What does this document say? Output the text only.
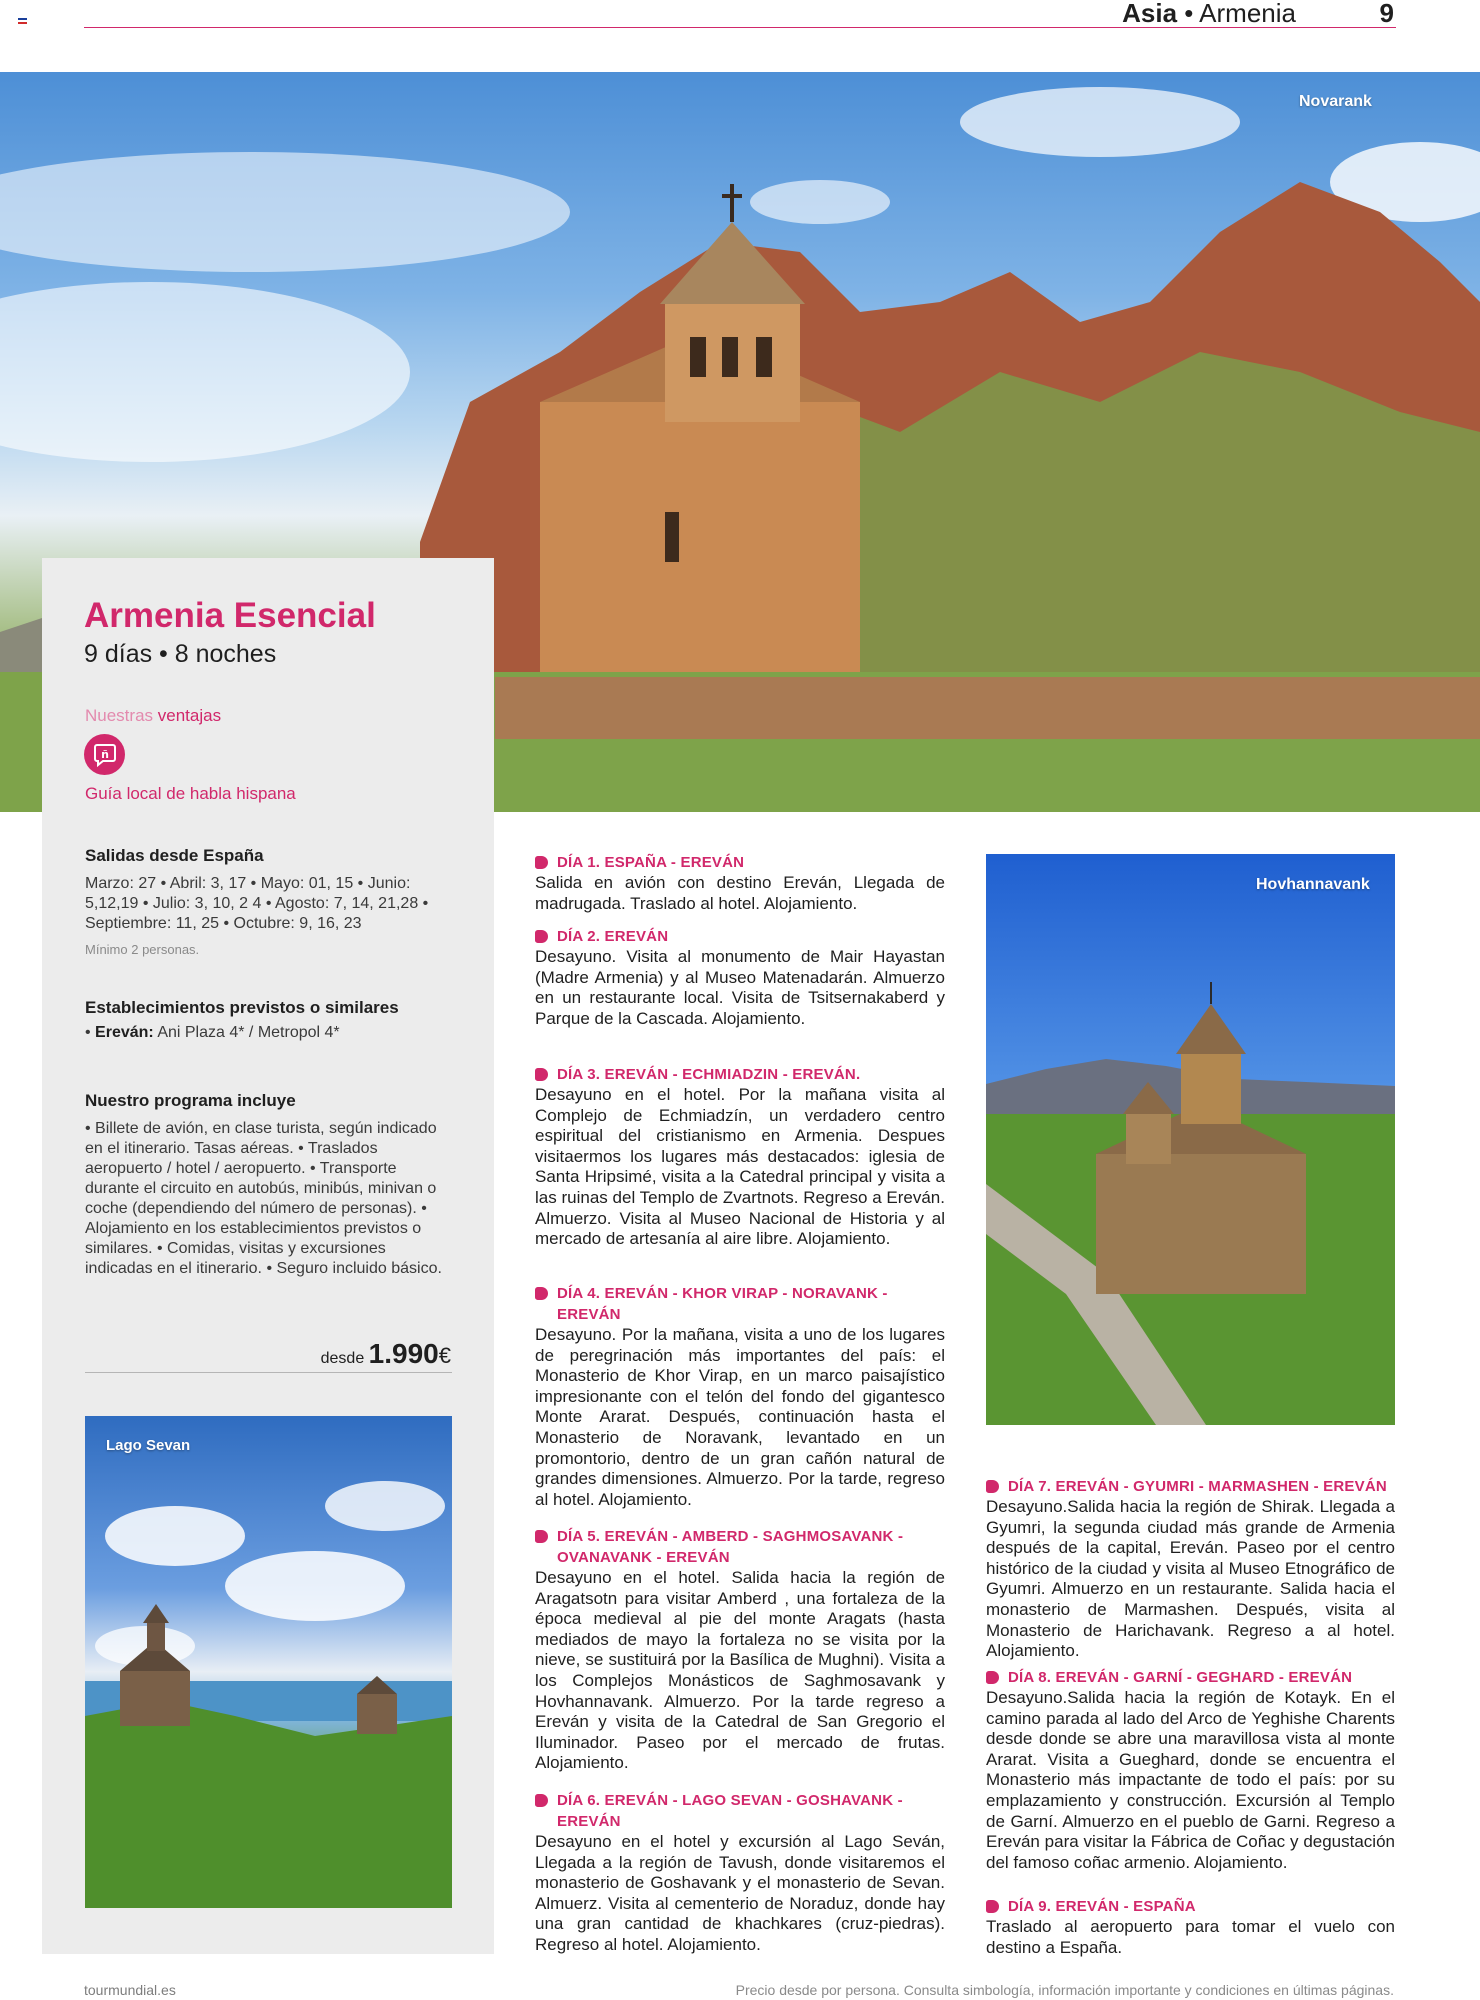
Asia • Armenia	9
Novarank
Armenia Esencial
9 días • 8 noches
Nuestras ventajas
ñ
Guía local de habla hispana
Salidas desde España
Marzo: 27 • Abril: 3, 17 • Mayo: 01, 15 • Junio: 5,12,19 • Julio: 3, 10, 2 4 • Agosto: 7, 14, 21,28 • Septiembre: 11, 25 • Octubre: 9, 16, 23
Mínimo 2 personas.
Establecimientos previstos o similares
• Ereván: Ani Plaza 4* / Metropol 4*
Nuestro programa incluye
• Billete de avión, en clase turista, según indicado en el itinerario. Tasas aéreas. • Traslados aeropuerto / hotel / aeropuerto. • Transporte durante el circuito en autobús, minibús, minivan o coche (dependiendo del número de personas). • Alojamiento en los establecimientos previstos o similares. • Comidas, visitas y excursiones indicadas en el itinerario. • Seguro incluido básico.
desde 1.990€
Lago Sevan
DÍA 1. ESPAÑA - EREVÁN
Salida en avión con destino Ereván, Llegada de madrugada. Traslado al hotel. Alojamiento.
DÍA 2. EREVÁN
Desayuno. Visita al monumento de Mair Hayastan (Madre Armenia) y al Museo Matenadarán. Almuerzo en un restaurante local. Visita de Tsitsernakaberd y Parque de la Cascada. Alojamiento.
DÍA 3. EREVÁN - ECHMIADZIN - EREVÁN.
Desayuno en el hotel. Por la mañana visita al Complejo de Echmiadzín, un verdadero centro espiritual del cristianismo en Armenia. Despues visitaermos los lugares más destacados: iglesia de Santa Hripsimé, visita a la Catedral principal y visita a las ruinas del Templo de Zvartnots. Regreso a Ereván. Almuerzo. Visita al Museo Nacional de Historia y al mercado de artesanía al aire libre. Alojamiento.
DÍA 4. EREVÁN - KHOR VIRAP - NORAVANK - EREVÁN
Desayuno. Por la mañana, visita a uno de los lugares de peregrinación más importantes del país: el Monasterio de Khor Virap, en un marco paisajístico impresionante con el telón del fondo del gigantesco Monte Ararat. Después, continuación hasta el Monasterio de Noravank, levantado en un promontorio, dentro de un gran cañón natural de grandes dimensiones. Almuerzo. Por la tarde, regreso al hotel. Alojamiento.
DÍA 5. EREVÁN - AMBERD - SAGHMOSAVANK - OVANAVANK - EREVÁN
Desayuno en el hotel. Salida hacia la región de Aragatsotn para visitar Amberd , una fortaleza de la época medieval al pie del monte Aragats (hasta mediados de mayo la fortaleza no se visita por la nieve, se sustituirá por la Basílica de Mughni). Visita a los Complejos Monásticos de Saghmosavank y Hovhannavank. Almuerzo. Por la tarde regreso a Ereván y visita de la Catedral de San Gregorio el Iluminador. Paseo por el mercado de frutas. Alojamiento.
DÍA 6. EREVÁN - LAGO SEVAN - GOSHAVANK - EREVÁN
Desayuno en el hotel y excursión al Lago Seván, Llegada a la región de Tavush, donde visitaremos el monasterio de Goshavank y el monasterio de Sevan. Almuerz. Visita al cementerio de Noraduz, donde hay una gran cantidad de khachkares (cruz-piedras). Regreso al hotel. Alojamiento.
Hovhannavank
DÍA 7. EREVÁN - GYUMRI - MARMASHEN - EREVÁN
Desayuno.Salida hacia la región de Shirak. Llegada a Gyumri, la segunda ciudad más grande de Armenia después de la capital, Ereván. Paseo por el centro histórico de la ciudad y visita al Museo Etnográfico de Gyumri. Almuerzo en un restaurante. Salida hacia el monasterio de Marmashen. Después, visita al Monasterio de Harichavank. Regreso a al hotel. Alojamiento.
DÍA 8. EREVÁN - GARNÍ - GEGHARD - EREVÁN
Desayuno.Salida hacia la región de Kotayk. En el camino parada al lado del Arco de Yeghishe Charents desde donde se abre una maravillosa vista al monte Ararat. Visita a Gueghard, donde se encuentra el Monasterio más impactante de todo el país: por su emplazamiento y construcción. Excursión al Templo de Garní. Almuerzo en el pueblo de Garni. Regreso a Ereván para visitar la Fábrica de Coñac y degustación del famoso coñac armenio. Alojamiento.
DÍA 9. EREVÁN - ESPAÑA
Traslado al aeropuerto para tomar el vuelo con destino a España.
tourmundial.es	Precio desde por persona. Consulta simbología, información importante y condiciones en últimas páginas.
